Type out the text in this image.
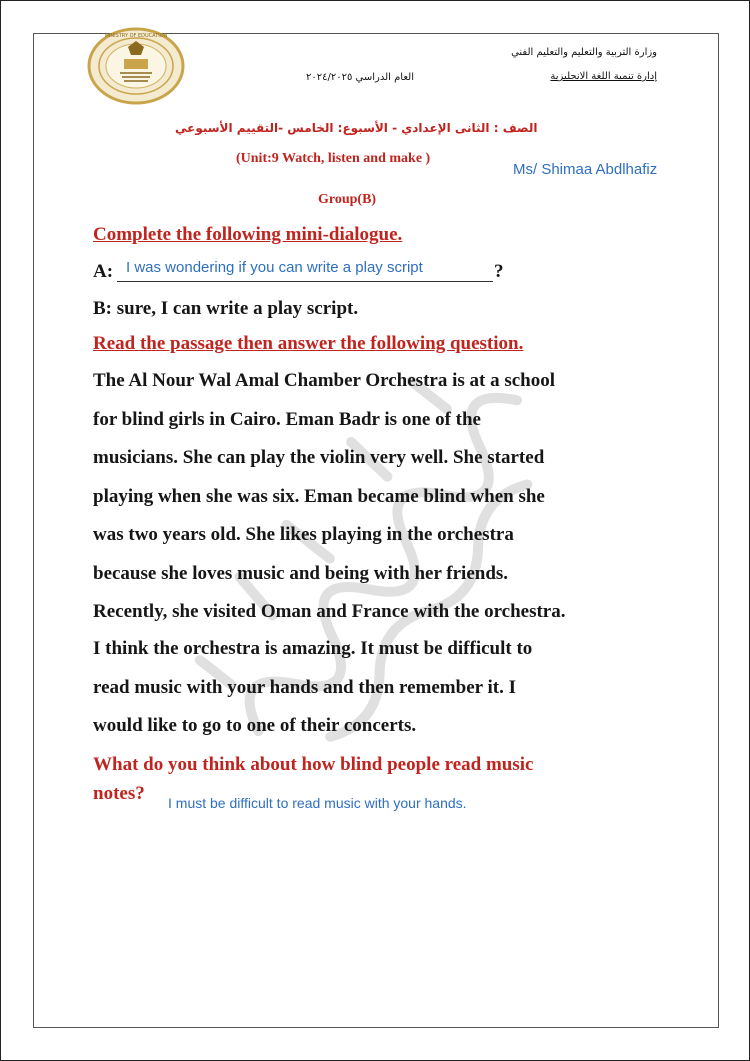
MINISTRY OF EDUCATION
وزارة التربية والتعليم والتعليم الفني
إدارة تنمية اللغة الانجليزية
العام الدراسي ٢٠٢٤/٢٠٢٥
الصف : الثانى الإعدادي - الأسبوع: الخامس -التقييم الأسبوعي
(Unit:9 Watch, listen and make )
Ms/ Shimaa Abdlhafiz
Group(B)
Complete the following mini-dialogue.
A: I was wondering if you can write a play script	?
B: sure, I can write a play script.
Read the passage then answer the following question.
The Al Nour Wal Amal Chamber Orchestra is at a school
for blind girls in Cairo. Eman Badr is one of the
musicians. She can play the violin very well. She started
playing when she was six. Eman became blind when she
was two years old. She likes playing in the orchestra
because she loves music and being with her friends.
Recently, she visited Oman and France with the orchestra.
I think the orchestra is amazing. It must be difficult to
read music with your hands and then remember it. I
would like to go to one of their concerts.
What do you think about how blind people read music
notes? I must be difficult to read music with your hands.
